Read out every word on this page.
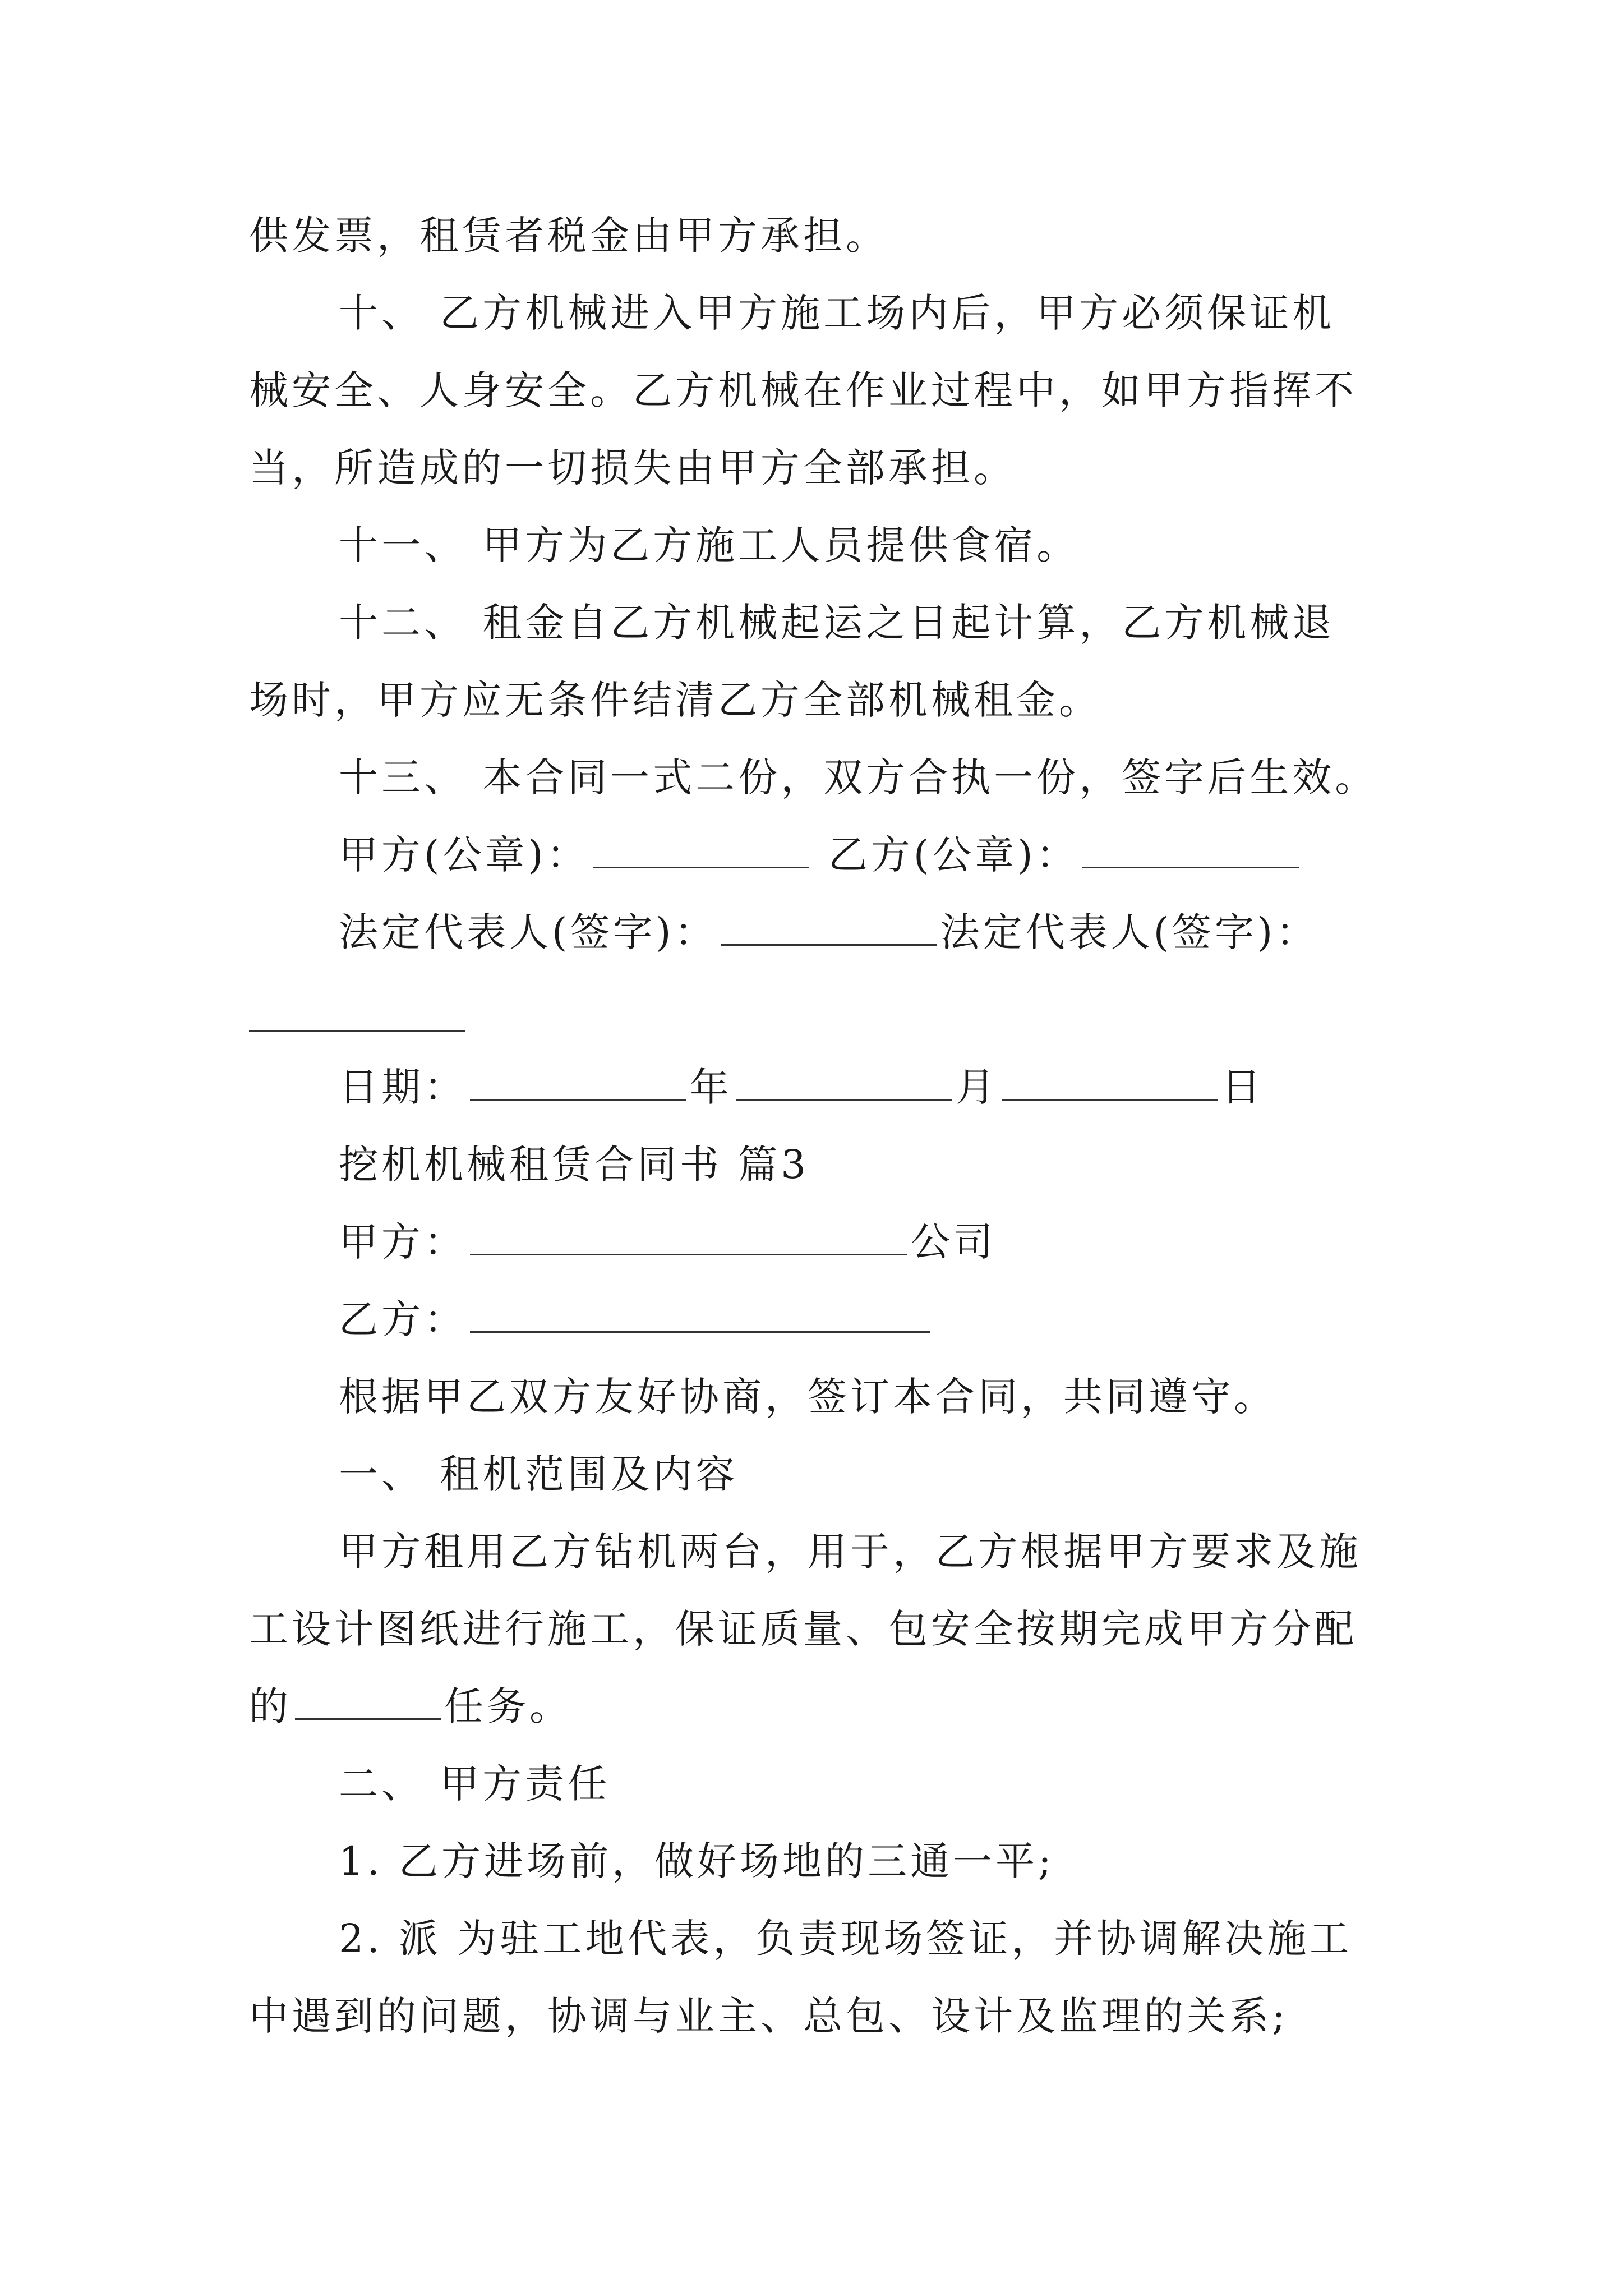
供发票，租赁者税金由甲方承担。
十、 乙方机械进入甲方施工场内后，甲方必须保证机
械安全、人身安全。乙方机械在作业过程中，如甲方指挥不
当，所造成的一切损失由甲方全部承担。
十一、 甲方为乙方施工人员提供食宿。
十二、 租金自乙方机械起运之日起计算，乙方机械退
场时，甲方应无条件结清乙方全部机械租金。
十三、 本合同一式二份，双方合执一份，签字后生效。
甲方(公章)：	乙方(公章)：
法定代表人(签字)：	法定代表人(签字)：
日期：	年	月	日
挖机机械租赁合同书 篇3
甲方：	公司
乙方：
根据甲乙双方友好协商，签订本合同，共同遵守。
一、 租机范围及内容
甲方租用乙方钻机两台，用于，乙方根据甲方要求及施
工设计图纸进行施工，保证质量、包安全按期完成甲方分配
的	任务。
二、 甲方责任
1. 乙方进场前，做好场地的三通一平;
2. 派 为驻工地代表，负责现场签证，并协调解决施工
中遇到的问题，协调与业主、总包、设计及监理的关系;
